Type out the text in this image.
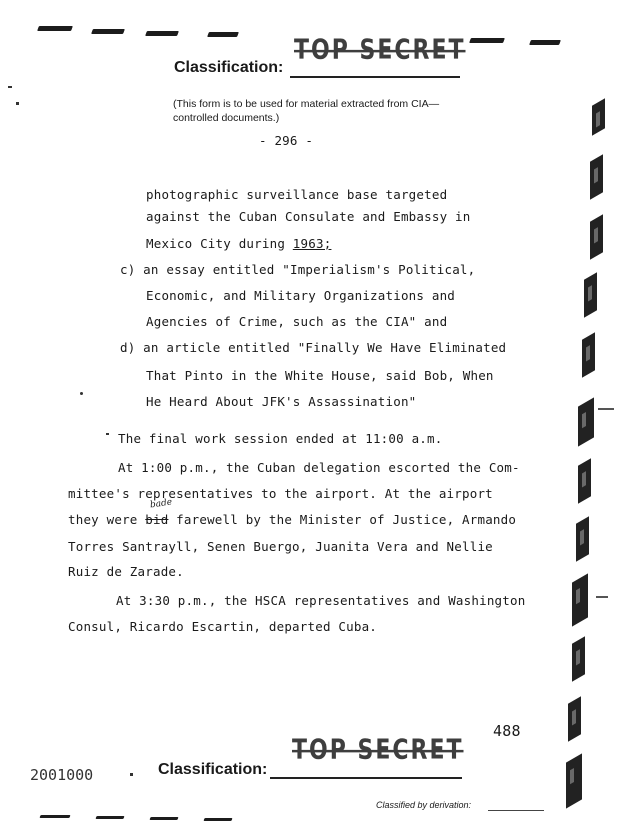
Classification:
TOP SECRET
(This form is to be used for material extracted from CIA—controlled documents.)
- 296 -
photographic surveillance base targeted
against the Cuban Consulate and Embassy in
Mexico City during 1963;
c) an essay entitled "Imperialism's Political,
Economic, and Military Organizations and
Agencies of Crime, such as the CIA" and
d) an article entitled "Finally We Have Eliminated
That Pinto in the White House, said Bob, When
He Heard About JFK's Assassination"
The final work session ended at 11:00 a.m.
At 1:00 p.m., the Cuban delegation escorted the Com-
mittee's representatives to the airport. At the airport
bade
they were bid farewell by the Minister of Justice, Armando
Torres Santrayll, Senen Buergo, Juanita Vera and Nellie
Ruiz de Zarade.
At 3:30 p.m., the HSCA representatives and Washington
Consul, Ricardo Escartin, departed Cuba.
488
TOP SECRET
Classification:
2001000
Classified by derivation:
